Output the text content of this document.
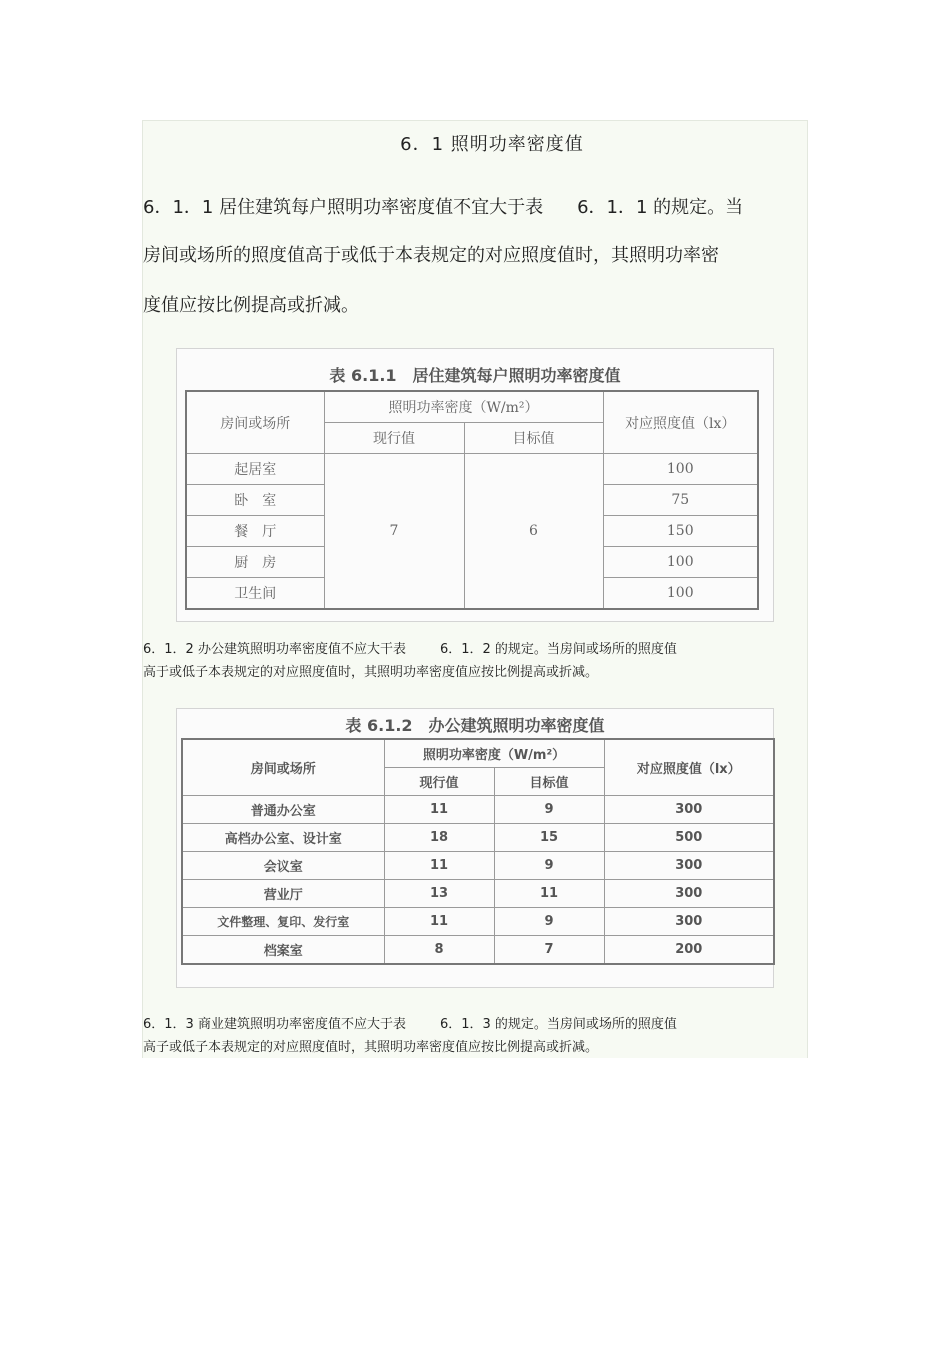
6．1 照明功率密度值
6．1．1 居住建筑每户照明功率密度值不宜大于表 6．1．1 的规定。当
房间或场所的照度值高于或低于本表规定的对应照度值时，其照明功率密
度值应按比例提高或折减。
表 6.1.1　居住建筑每户照明功率密度值
房间或场所	照明功率密度（W/m²）		对应照度值（lx）
	现行值	目标值	
起居室	7	6	100
卧　室			75
餐　厅			150
厨　房			100
卫生间			100
6．1．2 办公建筑照明功率密度值不应大干表	6．1．2 的规定。当房间或场所的照度值
高于或低子本表规定的对应照度值时，其照明功率密度值应按比例提高或折减。
表 6.1.2　办公建筑照明功率密度值
房间或场所	照明功率密度（W/m²）		对应照度值（lx）
	现行值	目标值	
普通办公室	11	9	300
高档办公室、设计室	18	15	500
会议室	11	9	300
营业厅	13	11	300
文件整理、复印、发行室	11	9	300
档案室	8	7	200
6．1．3 商业建筑照明功率密度值不应大于表	6．1．3 的规定。当房间或场所的照度值
高子或低子本表规定的对应照度值时，其照明功率密度值应按比例提高或折减。
